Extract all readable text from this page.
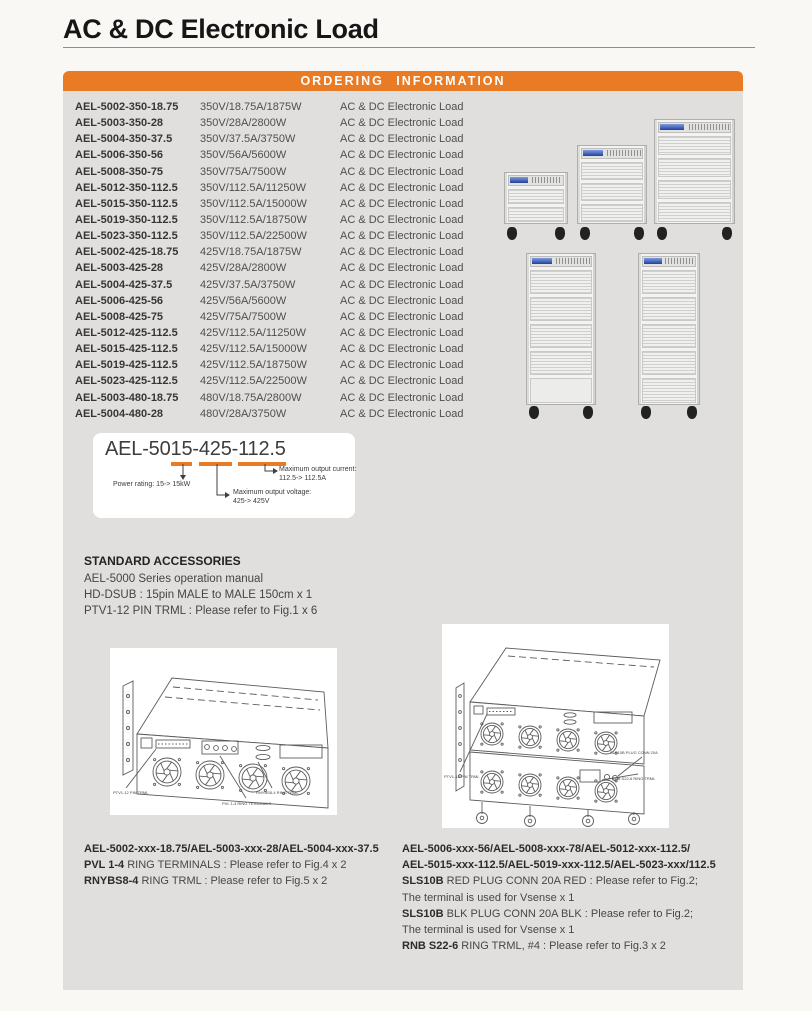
AC & DC Electronic Load
ORDERING INFORMATION
AEL-5002-350-18.75	350V/18.75A/1875W	AC & DC Electronic Load
AEL-5003-350-28	350V/28A/2800W	AC & DC Electronic Load
AEL-5004-350-37.5	350V/37.5A/3750W	AC & DC Electronic Load
AEL-5006-350-56	350V/56A/5600W	AC & DC Electronic Load
AEL-5008-350-75	350V/75A/7500W	AC & DC Electronic Load
AEL-5012-350-112.5	350V/112.5A/11250W	AC & DC Electronic Load
AEL-5015-350-112.5	350V/112.5A/15000W	AC & DC Electronic Load
AEL-5019-350-112.5	350V/112.5A/18750W	AC & DC Electronic Load
AEL-5023-350-112.5	350V/112.5A/22500W	AC & DC Electronic Load
AEL-5002-425-18.75	425V/18.75A/1875W	AC & DC Electronic Load
AEL-5003-425-28	425V/28A/2800W	AC & DC Electronic Load
AEL-5004-425-37.5	425V/37.5A/3750W	AC & DC Electronic Load
AEL-5006-425-56	425V/56A/5600W	AC & DC Electronic Load
AEL-5008-425-75	425V/75A/7500W	AC & DC Electronic Load
AEL-5012-425-112.5	425V/112.5A/11250W	AC & DC Electronic Load
AEL-5015-425-112.5	425V/112.5A/15000W	AC & DC Electronic Load
AEL-5019-425-112.5	425V/112.5A/18750W	AC & DC Electronic Load
AEL-5023-425-112.5	425V/112.5A/22500W	AC & DC Electronic Load
AEL-5003-480-18.75	480V/18.75A/2800W	AC & DC Electronic Load
AEL-5004-480-28	480V/28A/3750W	AC & DC Electronic Load
AEL-5015-425-112.5
Power rating: 15-> 15kW
Maximum output current:
112.5-> 112.5A
Maximum output voltage:
425-> 425V
STANDARD ACCESSORIES
AEL-5000 Series operation manual
HD-DSUB : 15pin MALE to MALE 150cm x 1
PTV1-12 PIN TRML : Please refer to Fig.1 x 6
PTV1-12 PIN TRML
PVL 1-4 RING TERMINALS
RNYBS8-4 RING TRML
PTV1-12 PIN TRML
SLS10B PLUG CONN 20A
RNB S22-6 RING TRML
AEL-5002-xxx-18.75/AEL-5003-xxx-28/AEL-5004-xxx-37.5
PVL 1-4 RING TERMINALS : Please refer to Fig.4 x 2
RNYBS8-4 RING TRML : Please refer to Fig.5 x 2
AEL-5006-xxx-56/AEL-5008-xxx-78/AEL-5012-xxx-112.5/
AEL-5015-xxx-112.5/AEL-5019-xxx-112.5/AEL-5023-xxx/112.5
SLS10B RED PLUG CONN 20A RED : Please refer to Fig.2;
The terminal is used for Vsense x 1
SLS10B BLK PLUG CONN 20A BLK : Please refer to Fig.2;
The terminal is used for Vsense x 1
RNB S22-6 RING TRML, #4 : Please refer to Fig.3 x 2
